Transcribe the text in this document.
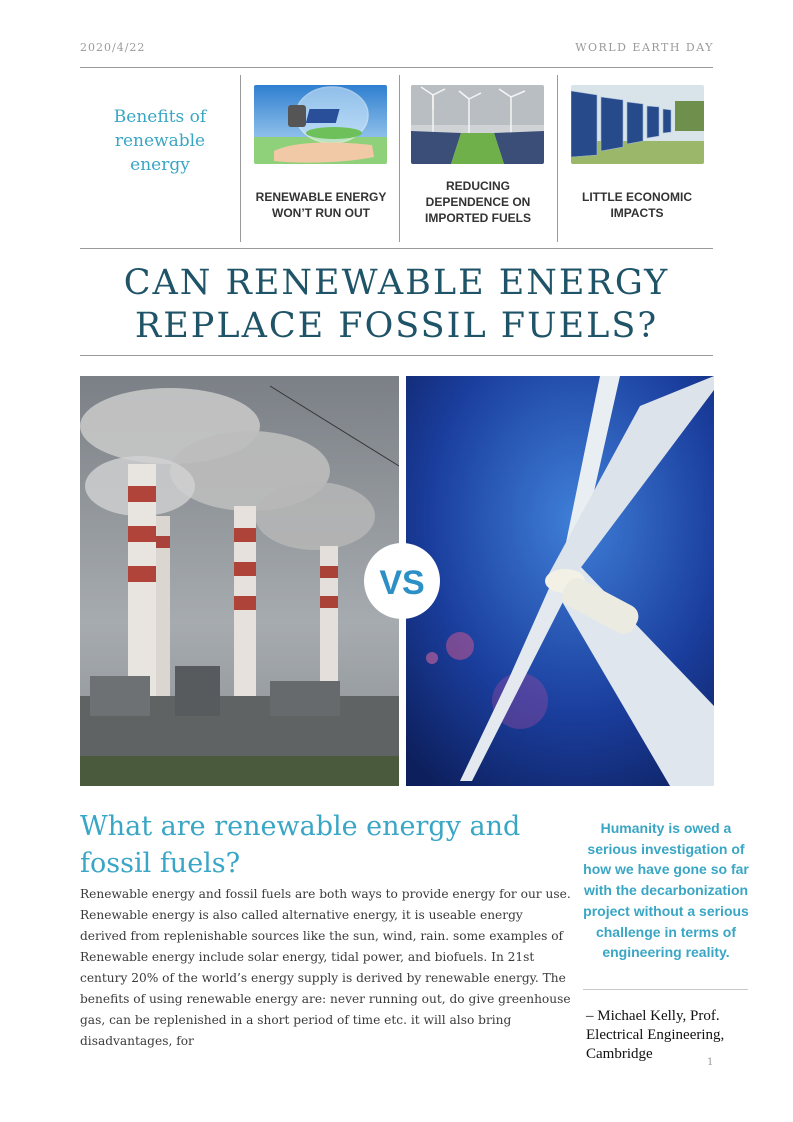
2020/4/22	WORLD EARTH DAY
Benefits of renewable energy
RENEWABLE ENERGY
WON’T RUN OUT
REDUCING
DEPENDENCE ON
IMPORTED FUELS
LITTLE ECONOMIC
IMPACTS
CAN RENEWABLE ENERGY
REPLACE FOSSIL FUELS?
VS
What are renewable energy and
fossil fuels?
Renewable energy and fossil fuels are both ways to provide energy for our use. Renewable energy is also called alternative energy, it is useable energy derived from replenishable sources like the sun, wind, rain. some examples of Renewable energy include solar energy, tidal power, and biofuels. In 21st century 20% of the world’s energy supply is derived by renewable energy. The benefits of using renewable energy are: never running out, do give greenhouse gas, can be replenished in a short period of time etc. it will also bring disadvantages, for
Humanity is owed a serious investigation of how we have gone so far with the decarbonization project without a serious challenge in terms of engineering reality.
– Michael Kelly, Prof.
Electrical Engineering,
Cambridge
1
